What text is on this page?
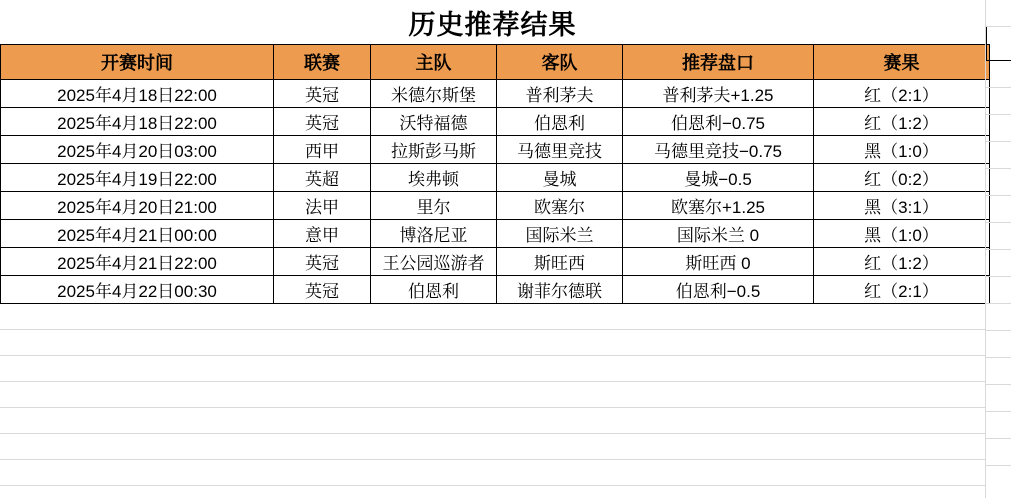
历史推荐结果
开赛时间	联赛	主队	客队	推荐盘口	赛果
2025年4月18日22:00	英冠	米德尔斯堡	普利茅夫	普利茅夫+1.25	红（2:1）
2025年4月18日22:00	英冠	沃特福德	伯恩利	伯恩利−0.75	红（1:2）
2025年4月20日03:00	西甲	拉斯彭马斯	马德里竞技	马德里竞技−0.75	黑（1:0）
2025年4月19日22:00	英超	埃弗顿	曼城	曼城−0.5	红（0:2）
2025年4月20日21:00	法甲	里尔	欧塞尔	欧塞尔+1.25	黑（3:1）
2025年4月21日00:00	意甲	博洛尼亚	国际米兰	国际米兰 0	黑（1:0）
2025年4月21日22:00	英冠	王公园巡游者	斯旺西	斯旺西 0	红（1:2）
2025年4月22日00:30	英冠	伯恩利	谢菲尔德联	伯恩利−0.5	红（2:1）
